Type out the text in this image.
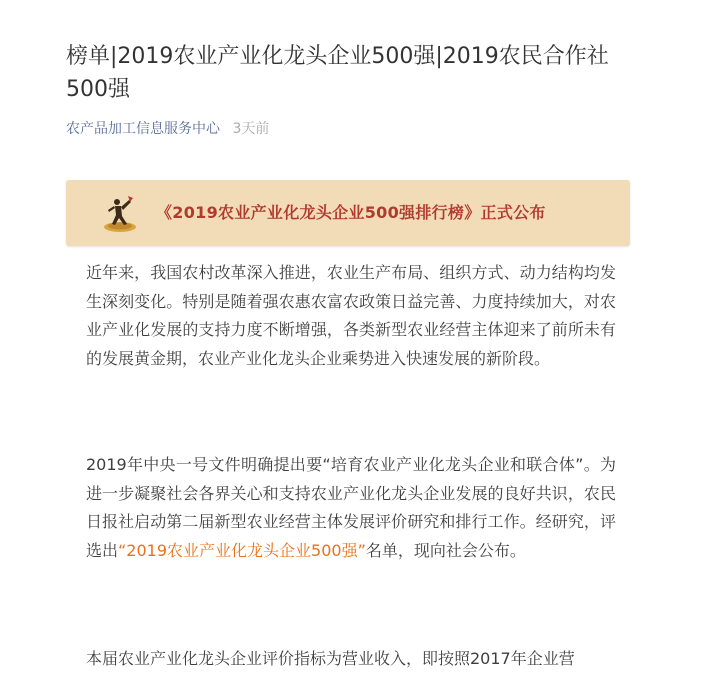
榜单|2019农业产业化龙头企业500强|2019农民合作社500强
农产品加工信息服务中心 3天前
《2019农业产业化龙头企业500强排行榜》正式公布

近年来，我国农村改革深入推进，农业生产布局、组织方式、动力结构均发生深刻变化。特别是随着强农惠农富农政策日益完善、力度持续加大，对农业产业化发展的支持力度不断增强，各类新型农业经营主体迎来了前所未有的发展黄金期，农业产业化龙头企业乘势进入快速发展的新阶段。

2019年中央一号文件明确提出要“培育农业产业化龙头企业和联合体”。为进一步凝聚社会各界关心和支持农业产业化龙头企业发展的良好共识，农民日报社启动第二届新型农业经营主体发展评价研究和排行工作。经研究，评选出“2019农业产业化龙头企业500强”名单，现向社会公布。

本届农业产业化龙头企业评价指标为营业收入，即按照2017年企业营
